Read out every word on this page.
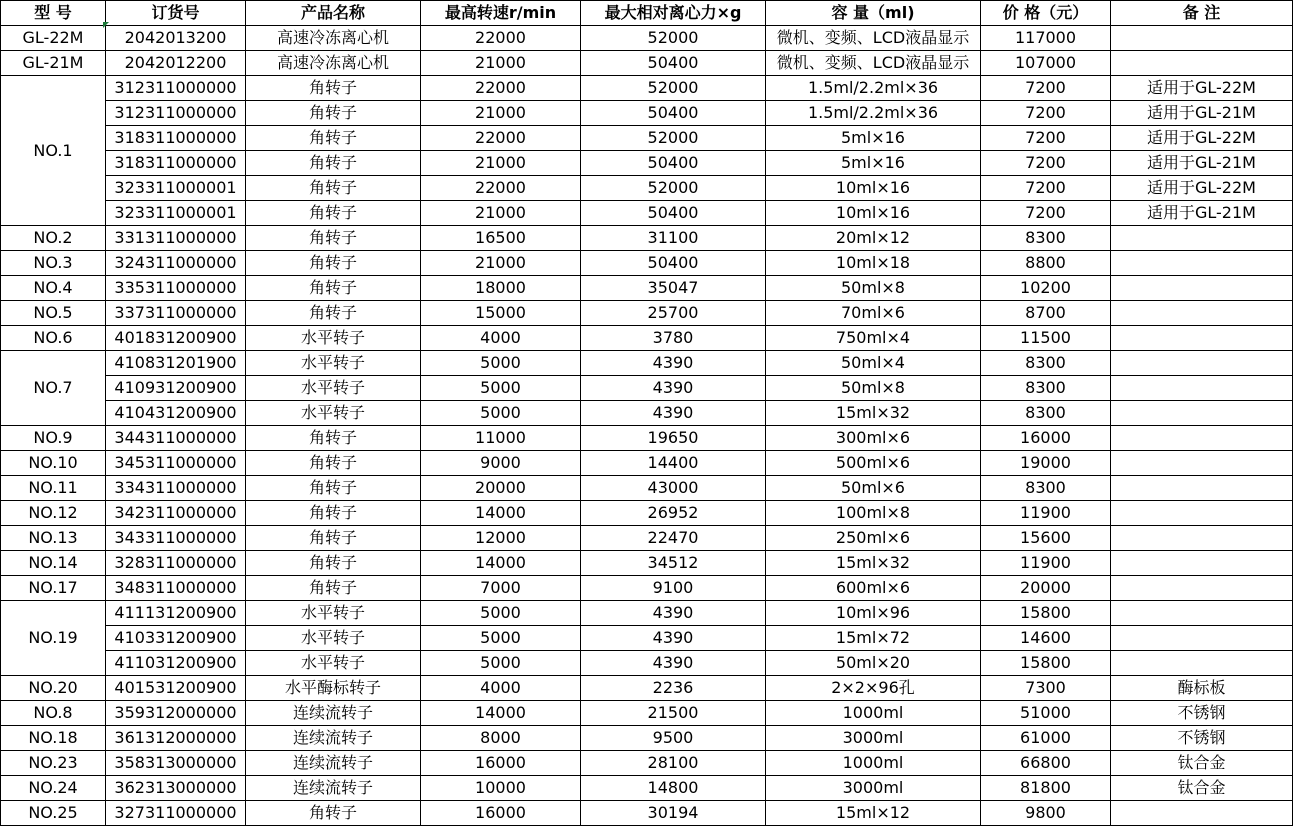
型 号	订货号	产品名称	最高转速r/min	最大相对离心力×g	容 量（ml)	价 格（元）	备 注
GL-22M	2042013200	高速冷冻离心机	22000	52000	微机、变频、LCD液晶显示	117000	
GL-21M	2042012200	高速冷冻离心机	21000	50400	微机、变频、LCD液晶显示	107000	
NO.1	312311000000	角转子	22000	52000	1.5ml/2.2ml×36	7200	适用于GL-22M
	312311000000	角转子	21000	50400	1.5ml/2.2ml×36	7200	适用于GL-21M
	318311000000	角转子	22000	52000	5ml×16	7200	适用于GL-22M
	318311000000	角转子	21000	50400	5ml×16	7200	适用于GL-21M
	323311000001	角转子	22000	52000	10ml×16	7200	适用于GL-22M
	323311000001	角转子	21000	50400	10ml×16	7200	适用于GL-21M
NO.2	331311000000	角转子	16500	31100	20ml×12	8300	
NO.3	324311000000	角转子	21000	50400	10ml×18	8800	
NO.4	335311000000	角转子	18000	35047	50ml×8	10200	
NO.5	337311000000	角转子	15000	25700	70ml×6	8700	
NO.6	401831200900	水平转子	4000	3780	750ml×4	11500	
NO.7	410831201900	水平转子	5000	4390	50ml×4	8300	
	410931200900	水平转子	5000	4390	50ml×8	8300	
	410431200900	水平转子	5000	4390	15ml×32	8300	
NO.9	344311000000	角转子	11000	19650	300ml×6	16000	
NO.10	345311000000	角转子	9000	14400	500ml×6	19000	
NO.11	334311000000	角转子	20000	43000	50ml×6	8300	
NO.12	342311000000	角转子	14000	26952	100ml×8	11900	
NO.13	343311000000	角转子	12000	22470	250ml×6	15600	
NO.14	328311000000	角转子	14000	34512	15ml×32	11900	
NO.17	348311000000	角转子	7000	9100	600ml×6	20000	
NO.19	411131200900	水平转子	5000	4390	10ml×96	15800	
	410331200900	水平转子	5000	4390	15ml×72	14600	
	411031200900	水平转子	5000	4390	50ml×20	15800	
NO.20	401531200900	水平酶标转子	4000	2236	2×2×96孔	7300	酶标板
NO.8	359312000000	连续流转子	14000	21500	1000ml	51000	不锈钢
NO.18	361312000000	连续流转子	8000	9500	3000ml	61000	不锈钢
NO.23	358313000000	连续流转子	16000	28100	1000ml	66800	钛合金
NO.24	362313000000	连续流转子	10000	14800	3000ml	81800	钛合金
NO.25	327311000000	角转子	16000	30194	15ml×12	9800	
